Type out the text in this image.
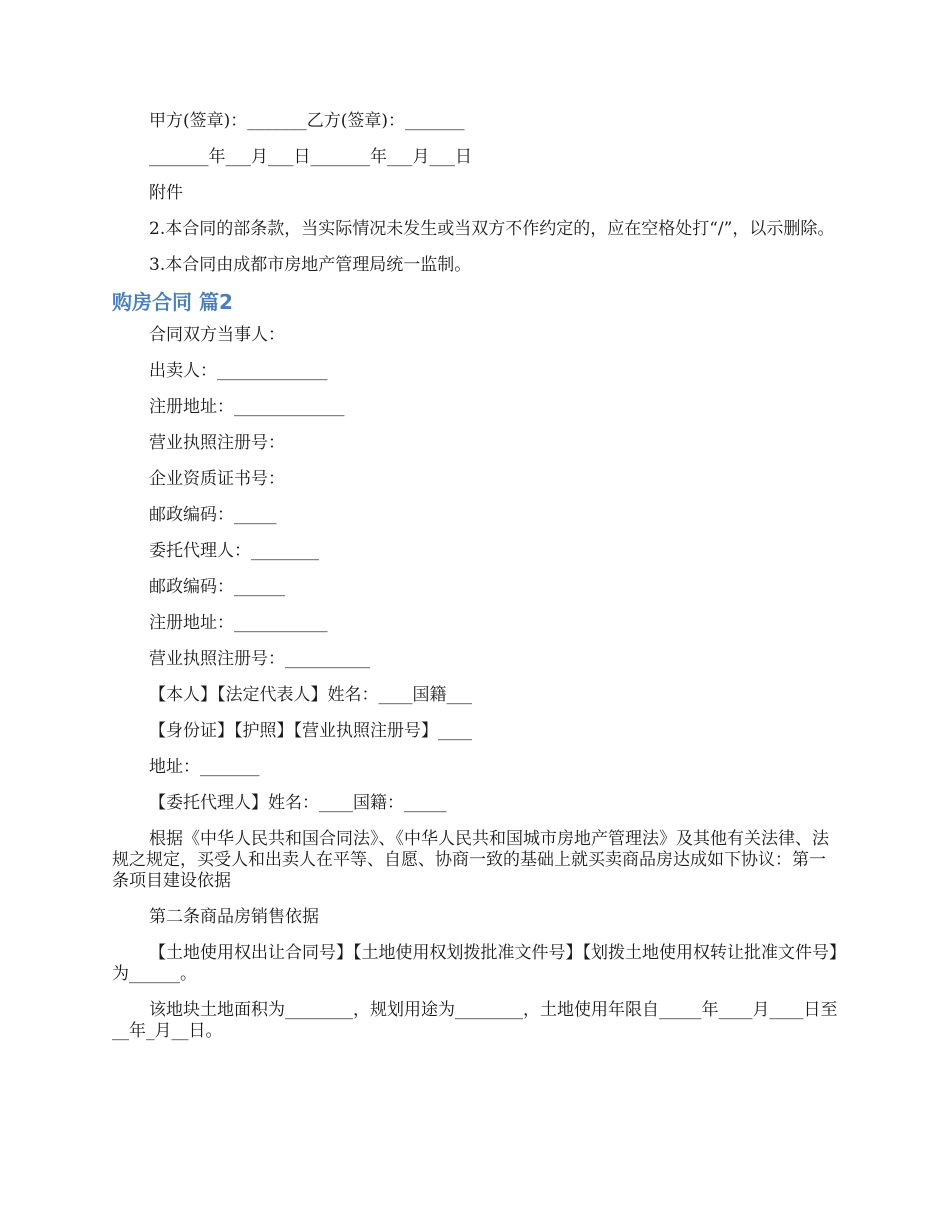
甲方(签章)：_______乙方(签章)：_______

_______年___月___日_______年___月___日

附件

2.本合同的部条款，当实际情况未发生或当双方不作约定的，应在空格处打“/”，以示删除。

3.本合同由成都市房地产管理局统一监制。

购房合同 篇2

合同双方当事人：

出卖人：_____________

注册地址：_____________

营业执照注册号：

企业资质证书号：

邮政编码：_____

委托代理人：________

邮政编码：______

注册地址：___________

营业执照注册号：__________

【本人】【法定代表人】姓名：____国籍___

【身份证】【护照】【营业执照注册号】____

地址：_______

【委托代理人】姓名：____国籍：_____

根据《中华人民共和国合同法》、《中华人民共和国城市房地产管理法》及其他有关法律、法规之规定，买受人和出卖人在平等、自愿、协商一致的基础上就买卖商品房达成如下协议：第一条项目建设依据

第二条商品房销售依据

【土地使用权出让合同号】【土地使用权划拨批准文件号】【划拨土地使用权转让批准文件号】为______。

该地块土地面积为________，规划用途为________，土地使用年限自_____年____月____日至__年_月__日。
